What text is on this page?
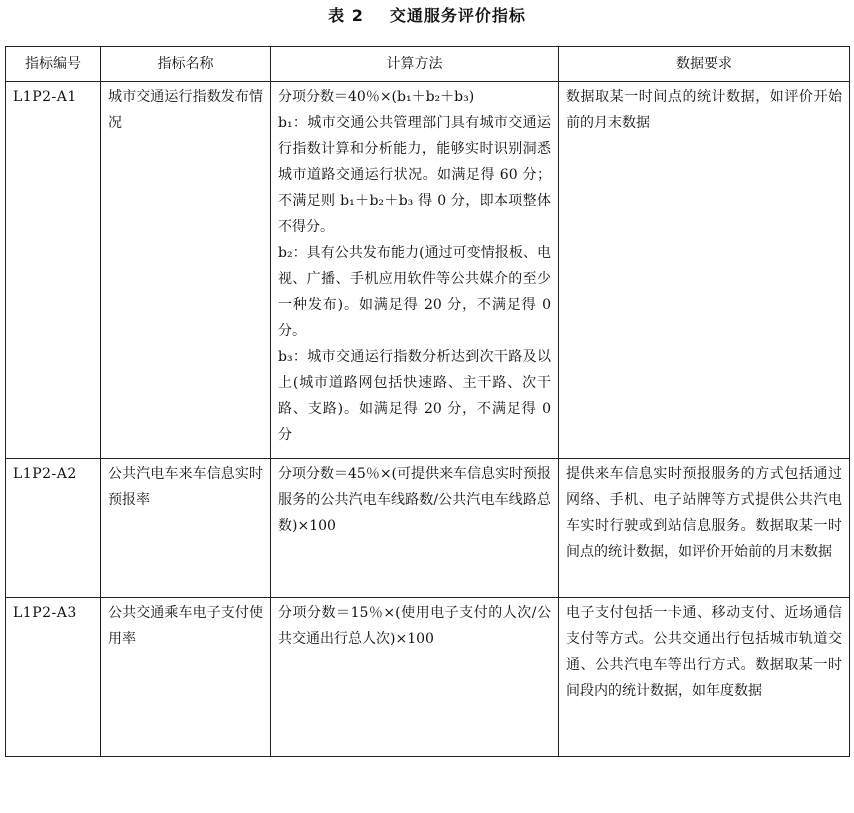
表 2 交通服务评价指标
指标编号	指标名称	计算方法	数据要求
L1P2-A1	城市交通运行指数发布情况	分项分数＝40％×(b₁＋b₂＋b₃)
b₁：城市交通公共管理部门具有城市交通运行指数计算和分析能力，能够实时识别洞悉城市道路交通运行状况。如满足得 60 分；不满足则 b₁＋b₂＋b₃ 得 0 分，即本项整体不得分。
b₂：具有公共发布能力(通过可变情报板、电视、广播、手机应用软件等公共媒介的至少一种发布)。如满足得 20 分，不满足得 0 分。
b₃：城市交通运行指数分析达到次干路及以上(城市道路网包括快速路、主干路、次干路、支路)。如满足得 20 分，不满足得 0 分	数据取某一时间点的统计数据，如评价开始前的月末数据
L1P2-A2	公共汽电车来车信息实时预报率	分项分数＝45％×(可提供来车信息实时预报服务的公共汽电车线路数/公共汽电车线路总数)×100	提供来车信息实时预报服务的方式包括通过网络、手机、电子站牌等方式提供公共汽电车实时行驶或到站信息服务。数据取某一时间点的统计数据，如评价开始前的月末数据
L1P2-A3	公共交通乘车电子支付使用率	分项分数＝15％×(使用电子支付的人次/公共交通出行总人次)×100	电子支付包括一卡通、移动支付、近场通信支付等方式。公共交通出行包括城市轨道交通、公共汽电车等出行方式。数据取某一时间段内的统计数据，如年度数据
